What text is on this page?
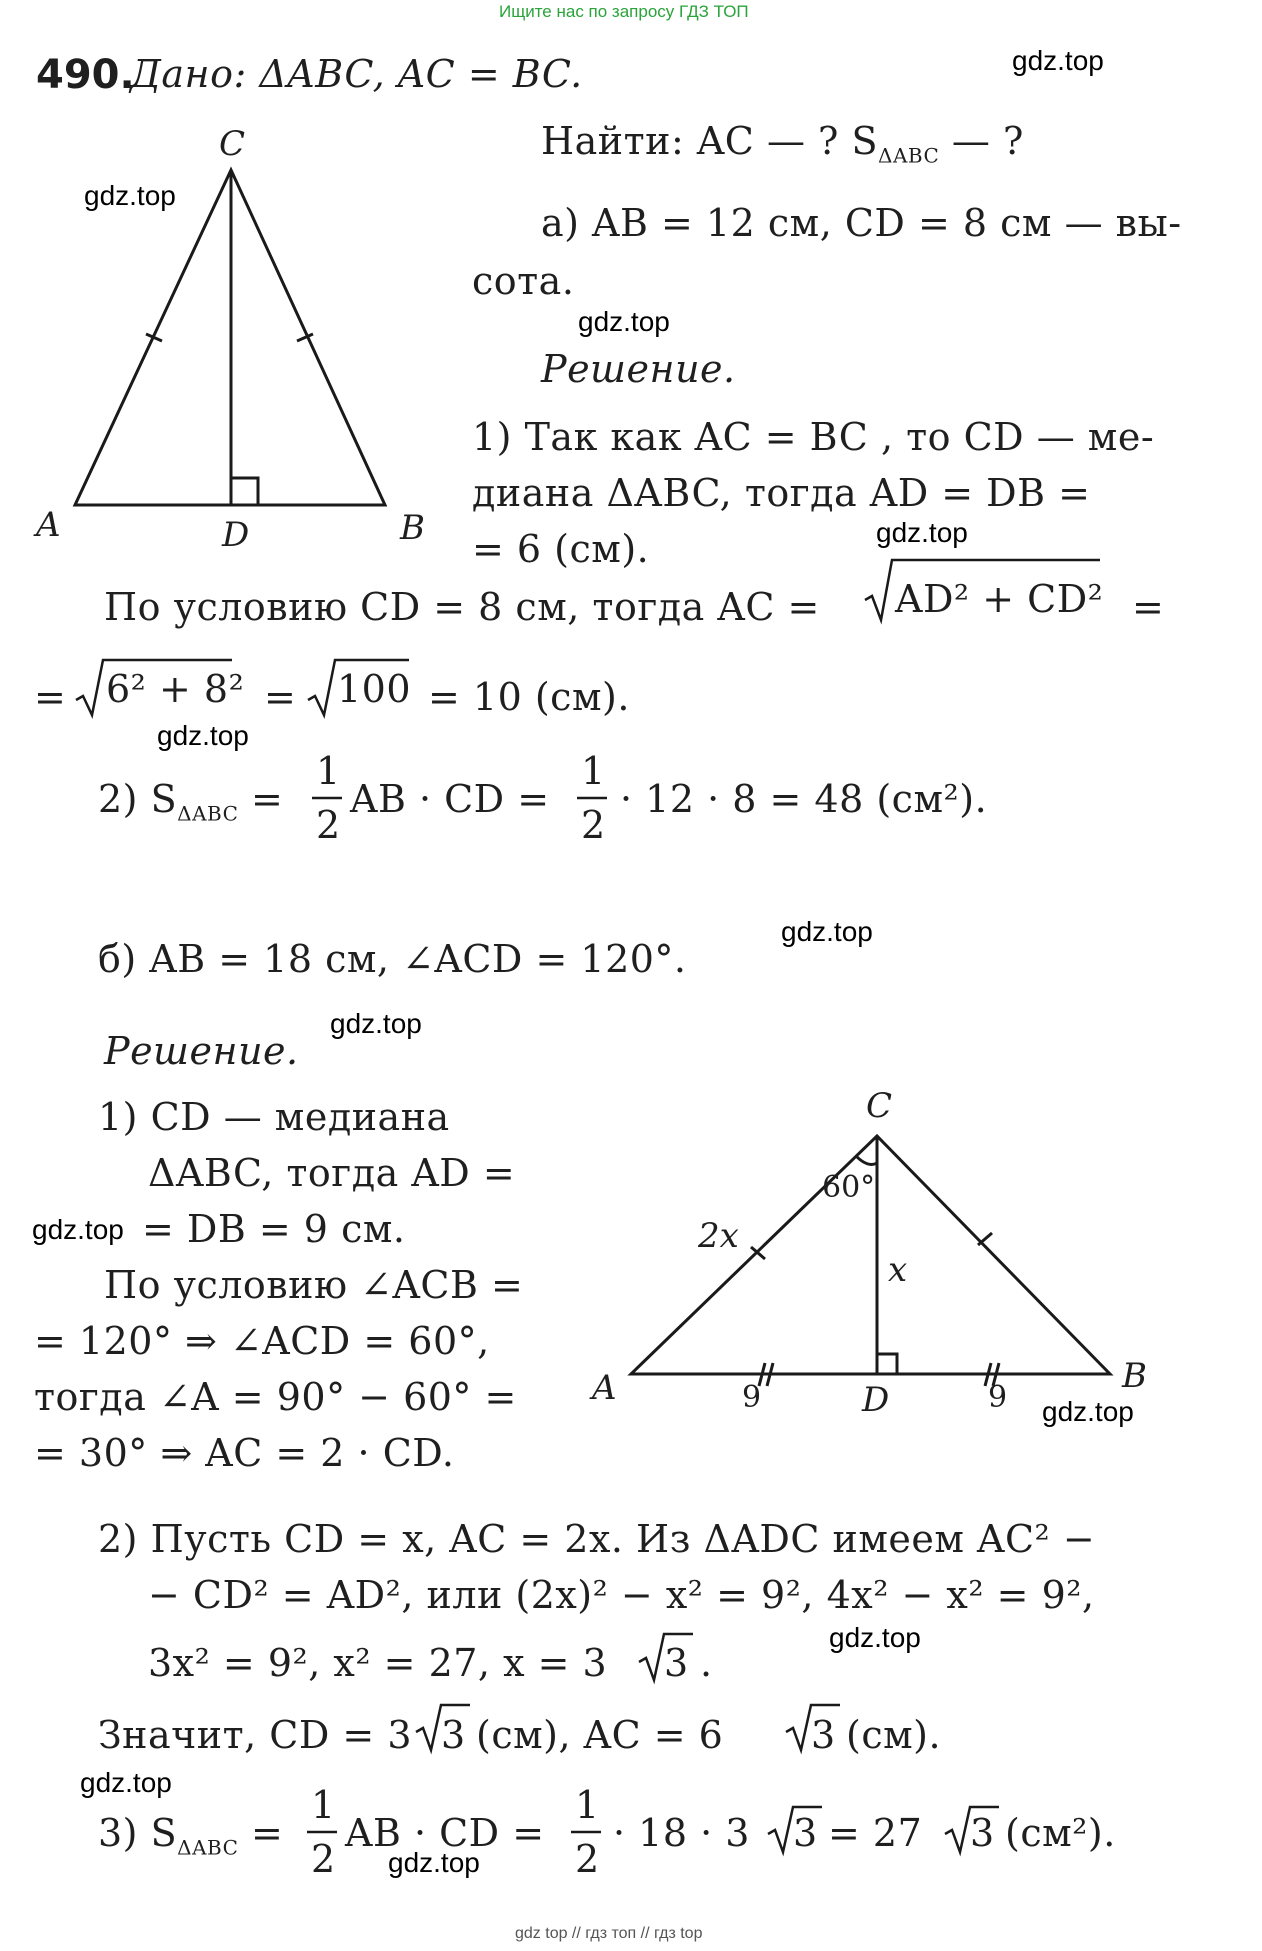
Ищите нас по запросу ГДЗ ТОП
gdz top // гдз топ // гдз top
gdz.top
gdz.top
gdz.top
gdz.top
gdz.top
gdz.top
gdz.top
gdz.top
gdz.top
gdz.top
gdz.top
gdz.top
490.
Дано: ΔABC, AC = BC.
Найти: AC — ? $S_{\Delta ABC}$ — ?
C
A	B
D
а) AB = 12 см, CD = 8 см — вы-
сота.
Решение.
1) Так как AC = BC , то CD — ме-
диана ΔABC, тогда AD = DB =
= 6 (см).
По условию CD = 8 см, тогда AC = AD² + CD² =
= 6² + 8² = 100 = 10 (см).
2) $S_{\Delta ABC}$ =
1
2
AB · CD =
1
2
· 12 · 8 = 48 (см²).
б) AB = 18 см, ∠ACD = 120°.
Решение.
1) CD — медиана
ΔABC, тогда AD =
= DB = 9 см.
По условию ∠ACB =
= 120° ⇒ ∠ACD = 60°,
тогда ∠A = 90° − 60° =
= 30° ⇒ AC = 2 · CD.
C
A	B
D
60°
2x
x
9	9
2) Пусть CD = x, AC = 2x. Из ΔADC имеем AC² −
− CD² = AD², или (2x)² − x² = 9², 4x² − x² = 9²,
3x² = 9², x² = 27, x = 3 3 .
Значит, CD = 3 3 (см), AC = 6 3 (см).
3) $S_{\Delta ABC}$ =
1
2
AB · CD =
1
2
· 18 · 3 3 = 27 3 (см²).
